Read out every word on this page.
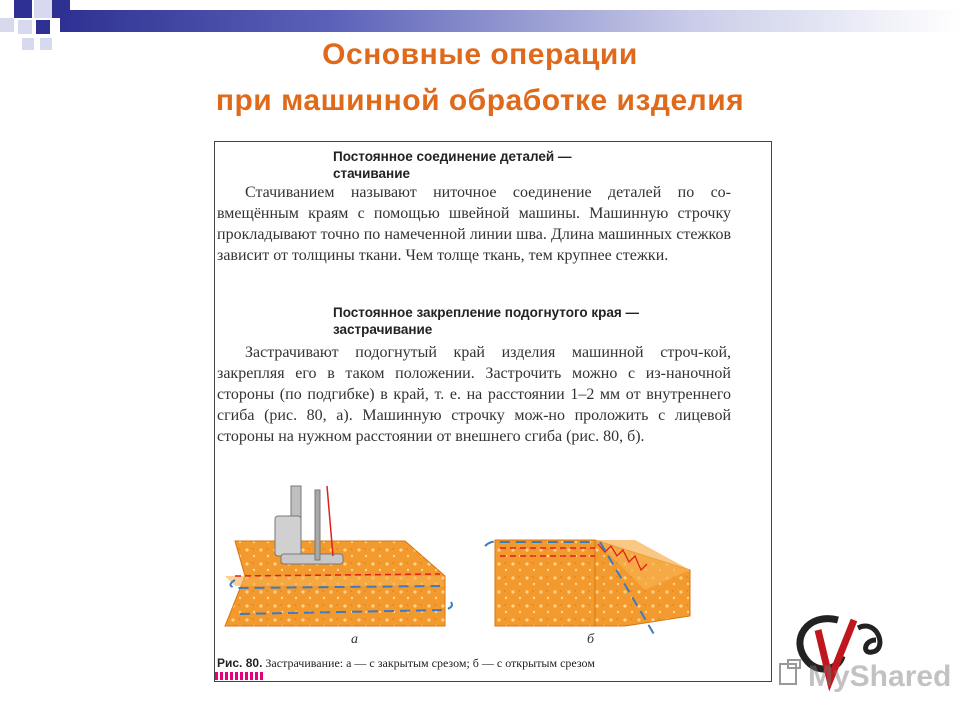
Основные операции
при машинной обработке изделия
Постоянное соединение деталей —
стачивание
Стачиванием называют ниточное соединение деталей по со-вмещённым краям с помощью швейной машины. Машинную строчку прокладывают точно по намеченной линии шва. Длина машинных стежков зависит от толщины ткани. Чем толще ткань, тем крупнее стежки.
Постоянное закрепление подогнутого края —
застрачивание
Застрачивают подогнутый край изделия машинной строч-кой, закрепляя его в таком положении. Застрочить можно с из-наночной стороны (по подгибке) в край, т. е. на расстоянии 1–2 мм от внутреннего сгиба (рис. 80, а). Машинную строчку мож-но проложить с лицевой стороны на нужном расстоянии от внешнего сгиба (рис. 80, б).
а	б
Рис. 80. Застрачивание: а — с закрытым срезом; б — с открытым срезом	MyShared
